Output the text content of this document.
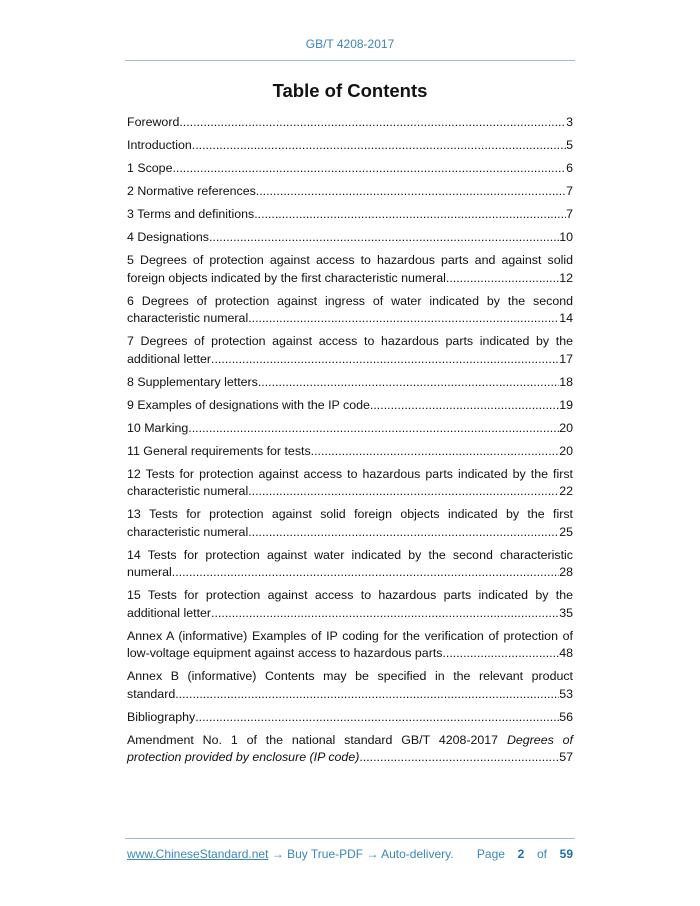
GB/T 4208-2017
Table of Contents
Foreword .....	3
Introduction .....	5
1 Scope .....	6
2 Normative references .....	7
3 Terms and definitions .....	7
4 Designations .....	10
5 Degrees of protection against access to hazardous parts and against solid
foreign objects indicated by the first characteristic numeral .....	12
6 Degrees of protection against ingress of water indicated by the second
characteristic numeral .....	14
7 Degrees of protection against access to hazardous parts indicated by the
additional letter .....	17
8 Supplementary letters .....	18
9 Examples of designations with the IP code .....	19
10 Marking .....	20
11 General requirements for tests .....	20
12 Tests for protection against access to hazardous parts indicated by the first
characteristic numeral .....	22
13 Tests for protection against solid foreign objects indicated by the first
characteristic numeral .....	25
14 Tests for protection against water indicated by the second characteristic
numeral .....	28
15 Tests for protection against access to hazardous parts indicated by the
additional letter .....	35
Annex A (informative) Examples of IP coding for the verification of protection of
low-voltage equipment against access to hazardous parts .....	48
Annex B (informative) Contents may be specified in the relevant product
standard .....	53
Bibliography .....	56
Amendment No. 1 of the national standard GB/T 4208-2017 Degrees of
protection provided by enclosure (IP code) .....	57
www.ChineseStandard.net → Buy True-PDF → Auto-delivery. Page 2 of 59
